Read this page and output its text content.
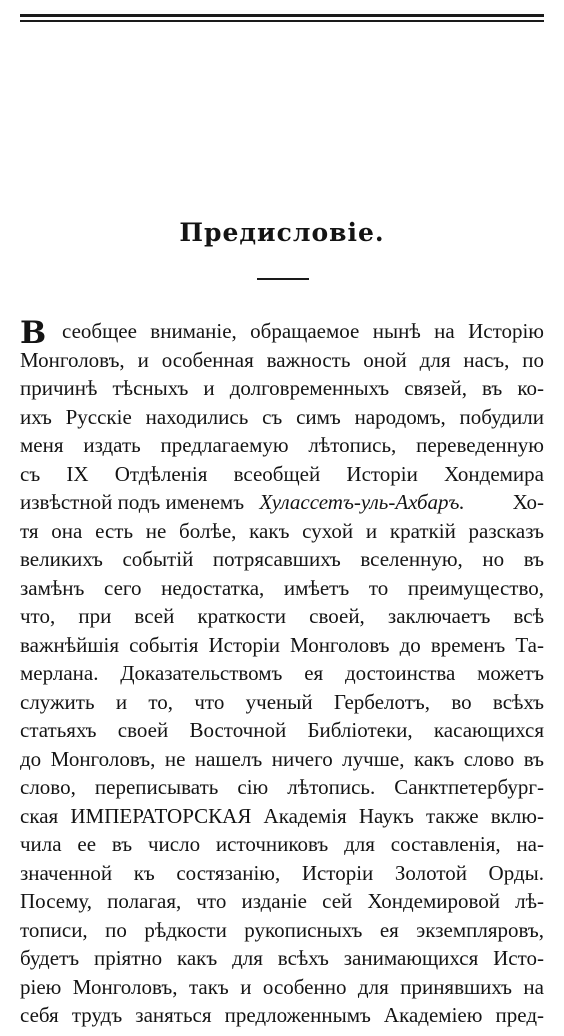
Предисловіе.
В сеобщее вниманіе, обращаемое нынѣ на Исторію
Монголовъ, и особенная важность оной для насъ, по
причинѣ тѣсныхъ и долговременныхъ связей, въ ко-
ихъ Русскіе находились съ симъ народомъ, побудили
меня издать предлагаемую лѣтопись, переведенную
съ IX Отдѣленія всеобщей Исторіи Хондемира
извѣстной подъ именемъ Хулассетъ-уль-Ахбаръ. Хо-
тя она есть не болѣе, какъ сухой и краткій разсказъ
великихъ событій потрясавшихъ вселенную, но въ
замѣнъ сего недостатка, имѣетъ то преимущество,
что, при всей краткости своей, заключаетъ всѣ
важнѣйшія событія Исторіи Монголовъ до временъ Та-
мерлана. Доказательствомъ ея достоинства можетъ
служить и то, что ученый Гербелотъ, во всѣхъ
статьяхъ своей Восточной Библіотеки, касающихся
до Монголовъ, не нашелъ ничего лучше, какъ слово въ
слово, переписывать сію лѣтопись. Санктпетербург-
ская ИМПЕРАТОРСКАЯ Академія Наукъ также вклю-
чила ее въ число источниковъ для составленія, на-
значенной къ состязанію, Исторіи Золотой Орды.
Посему, полагая, что изданіе сей Хондемировой лѣ-
тописи, по рѣдкости рукописныхъ ея экземпляровъ,
будетъ пріятно какъ для всѣхъ занимающихся Исто-
ріею Монголовъ, такъ и особенно для принявшихъ на
себя трудъ заняться предложеннымъ Академіею пред-
